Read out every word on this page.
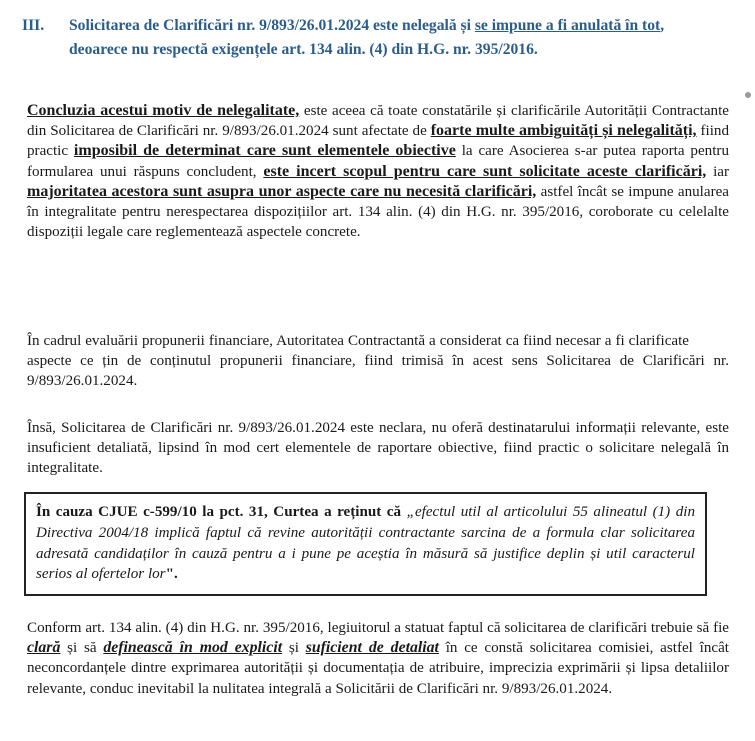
III. Solicitarea de Clarificări nr. 9/893/26.01.2024 este nelegală și se impune a fi anulată în tot, deoarece nu respectă exigențele art. 134 alin. (4) din H.G. nr. 395/2016.
Concluzia acestui motiv de nelegalitate, este aceea că toate constatările și clarificările Autorității Contractante din Solicitarea de Clarificări nr. 9/893/26.01.2024 sunt afectate de foarte multe ambiguități și nelegalități, fiind practic imposibil de determinat care sunt elementele obiective la care Asocierea s-ar putea raporta pentru formularea unui răspuns concludent, este incert scopul pentru care sunt solicitate aceste clarificări, iar majoritatea acestora sunt asupra unor aspecte care nu necesită clarificări, astfel încât se impune anularea în integralitate pentru nerespectarea dispozițiilor art. 134 alin. (4) din H.G. nr. 395/2016, coroborate cu celelalte dispoziții legale care reglementează aspectele concrete.
În cadrul evaluării propunerii financiare, Autoritatea Contractantă a considerat ca fiind necesar a fi clarificateaspecte ce țin de conținutul propunerii financiare, fiind trimisă în acest sens Solicitarea de Clarificări nr. 9/893/26.01.2024.
Însă, Solicitarea de Clarificări nr. 9/893/26.01.2024 este neclara, nu oferă destinatarului informații relevante, este insuficient detaliată, lipsind în mod cert elementele de raportare obiective, fiind practic o solicitare nelegală în integralitate.
În cauza CJUE c-599/10 la pct. 31, Curtea a reținut că „efectul util al articolului 55 alineatul (1) din Directiva 2004/18 implică faptul că revine autorității contractante sarcina de a formula clar solicitarea adresată candidaților în cauză pentru a i pune pe aceștia în măsură să justifice deplin și util caracterul serios al ofertelor lor".
Conform art. 134 alin. (4) din H.G. nr. 395/2016, legiuitorul a statuat faptul că solicitarea de clarificări trebuie să fie clară și să definească în mod explicit și suficient de detaliat în ce constă solicitarea comisiei, astfel încât neconcordanțele dintre exprimarea autorității și documentația de atribuire, imprecizia exprimării și lipsa detaliilor relevante, conduc inevitabil la nulitatea integrală a Solicitării de Clarificări nr. 9/893/26.01.2024.
